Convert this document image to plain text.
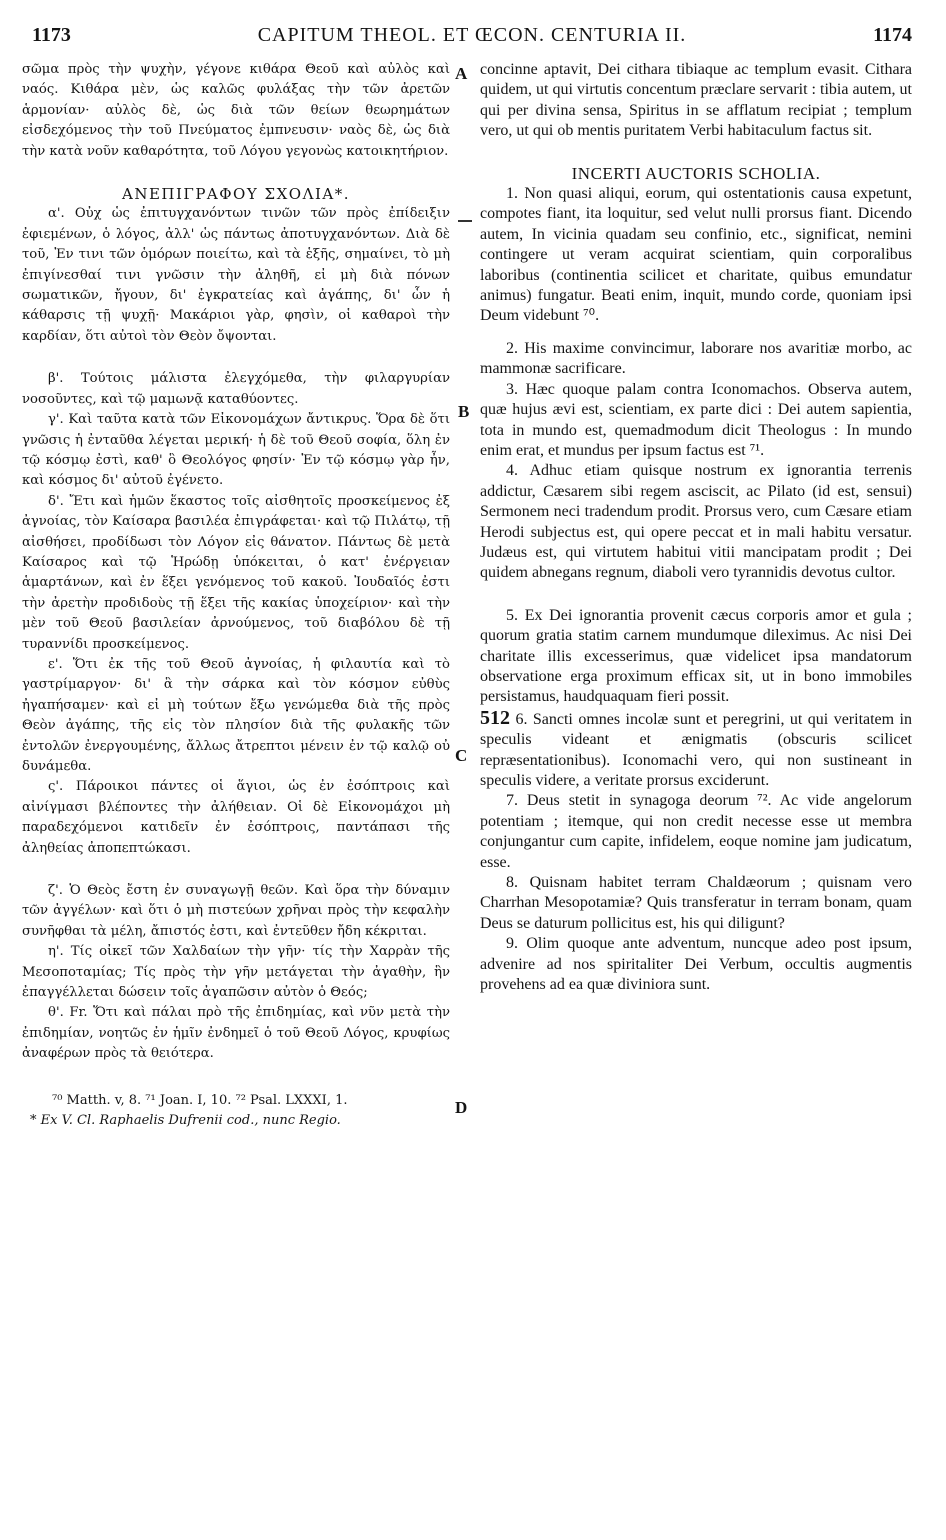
1173	CAPITUM THEOL. ET ŒCON. CENTURIA II.	1174
A
B
C
D

σῶμα πρὸς τὴν ψυχὴν, γέγονε κιθάρα Θεοῦ καὶ αὐλὸς καὶ ναός. Κιθάρα μὲν, ὡς καλῶς φυλάξας τὴν τῶν ἀρετῶν ἁρμονίαν· αὐλὸς δὲ, ὡς διὰ τῶν θείων θεωρημάτων εἰσδεχόμενος τὴν τοῦ Πνεύματος ἐμπνευσιν· ναὸς δὲ, ὡς διὰ τὴν κατὰ νοῦν καθαρότητα, τοῦ Λόγου γεγονὼς κατοικητήριον.

ΑΝΕΠΙΓΡΑΦΟΥ ΣΧΟΛΙΑ*.

α'. Οὐχ ὡς ἐπιτυγχανόντων τινῶν τῶν πρὸς ἐπίδειξιν ἐφιεμένων, ὁ λόγος, ἀλλ' ὡς πάντως ἀποτυγχανόντων. Διὰ δὲ τοῦ, Ἐν τινι τῶν ὁμόρων ποιείτω, καὶ τὰ ἑξῆς, σημαίνει, τὸ μὴ ἐπιγίνεσθαί τινι γνῶσιν τὴν ἀληθῆ, εἰ μὴ διὰ πόνων σωματικῶν, ἤγουν, δι' ἐγκρατείας καὶ ἀγάπης, δι' ὧν ἡ κάθαρσις τῇ ψυχῇ· Μακάριοι γὰρ, φησὶν, οἱ καθαροὶ τὴν καρδίαν, ὅτι αὐτοὶ τὸν Θεὸν ὄψονται.

β'. Τούτοις μάλιστα ἐλεγχόμεθα, τὴν φιλαργυρίαν νοσοῦντες, καὶ τῷ μαμωνᾷ καταθύοντες.

γ'. Καὶ ταῦτα κατὰ τῶν Εἰκονομάχων ἄντικρυς. Ὅρα δὲ ὅτι γνῶσις ἡ ἐνταῦθα λέγεται μερική· ἡ δὲ τοῦ Θεοῦ σοφία, ὅλη ἐν τῷ κόσμῳ ἐστὶ, καθ' ὃ Θεολόγος φησίν· Ἐν τῷ κόσμῳ γὰρ ἦν, καὶ κόσμος δι' αὐτοῦ ἐγένετο.

δ'. Ἔτι καὶ ἡμῶν ἕκαστος τοῖς αἰσθητοῖς προσκείμενος ἐξ ἀγνοίας, τὸν Καίσαρα βασιλέα ἐπιγράφεται· καὶ τῷ Πιλάτῳ, τῇ αἰσθήσει, προδίδωσι τὸν Λόγον εἰς θάνατον. Πάντως δὲ μετὰ Καίσαρος καὶ τῷ Ἡρώδῃ ὑπόκειται, ὁ κατ' ἐνέργειαν ἁμαρτάνων, καὶ ἐν ἕξει γενόμενος τοῦ κακοῦ. Ἰουδαῖός ἐστι τὴν ἀρετὴν προδιδοὺς τῇ ἕξει τῆς κακίας ὑποχείριον· καὶ τὴν μὲν τοῦ Θεοῦ βασιλείαν ἀρνούμενος, τοῦ διαβόλου δὲ τῇ τυραννίδι προσκείμενος.

ε'. Ὅτι ἐκ τῆς τοῦ Θεοῦ ἀγνοίας, ἡ φιλαυτία καὶ τὸ γαστρίμαργον· δι' ἃ τὴν σάρκα καὶ τὸν κόσμον εὐθὺς ἠγαπήσαμεν· καὶ εἰ μὴ τούτων ἔξω γενώμεθα διὰ τῆς πρὸς Θεὸν ἀγάπης, τῆς εἰς τὸν πλησίον διὰ τῆς φυλακῆς τῶν ἐντολῶν ἐνεργουμένης, ἄλλως ἄτρεπτοι μένειν ἐν τῷ καλῷ οὐ δυνάμεθα.

ς'. Πάροικοι πάντες οἱ ἅγιοι, ὡς ἐν ἐσόπτροις καὶ αἰνίγμασι βλέποντες τὴν ἀλήθειαν. Οἱ δὲ Εἰκονομάχοι μὴ παραδεχόμενοι κατιδεῖν ἐν ἐσόπτροις, παντάπασι τῆς ἀληθείας ἀποπεπτώκασι.

ζ'. Ὁ Θεὸς ἔστη ἐν συναγωγῇ θεῶν. Καὶ ὅρα τὴν δύναμιν τῶν ἀγγέλων· καὶ ὅτι ὁ μὴ πιστεύων χρῆναι πρὸς τὴν κεφαλὴν συνῆφθαι τὰ μέλη, ἄπιστός ἐστι, καὶ ἐντεῦθεν ἤδη κέκριται.

η'. Τίς οἰκεῖ τῶν Χαλδαίων τὴν γῆν· τίς τὴν Χαρρὰν τῆς Μεσοποταμίας; Τίς πρὸς τὴν γῆν μετάγεται τὴν ἀγαθὴν, ἣν ἐπαγγέλλεται δώσειν τοῖς ἀγαπῶσιν αὐτὸν ὁ Θεός;

θ'. Fr. Ὅτι καὶ πάλαι πρὸ τῆς ἐπιδημίας, καὶ νῦν μετὰ τὴν ἐπιδημίαν, νοητῶς ἐν ἡμῖν ἐνδημεῖ ὁ τοῦ Θεοῦ Λόγος, κρυφίως ἀναφέρων πρὸς τὰ θειότερα.

⁷⁰ Matth. v, 8. ⁷¹ Joan. I, 10. ⁷² Psal. LXXXI, 1.

* Ex V. Cl. Raphaelis Dufrenii cod., nunc Regio.

concinne aptavit, Dei cithara tibiaque ac templum evasit. Cithara quidem, ut qui virtutis concentum præclare servarit : tibia autem, ut qui per divina sensa, Spiritus in se afflatum recipiat ; templum vero, ut qui ob mentis puritatem Verbi habitaculum factus sit.

INCERTI AUCTORIS SCHOLIA.

1. Non quasi aliqui, eorum, qui ostentationis causa expetunt, compotes fiant, ita loquitur, sed velut nulli prorsus fiant. Dicendo autem, In vicinia quadam seu confinio, etc., significat, nemini contingere ut veram acquirat scientiam, quin corporalibus laboribus (continentia scilicet et charitate, quibus emundatur animus) fungatur. Beati enim, inquit, mundo corde, quoniam ipsi Deum videbunt ⁷⁰.

2. His maxime convincimur, laborare nos avaritiæ morbo, ac mammonæ sacrificare.

3. Hæc quoque palam contra Iconomachos. Observa autem, quæ hujus ævi est, scientiam, ex parte dici : Dei autem sapientia, tota in mundo est, quemadmodum dicit Theologus : In mundo enim erat, et mundus per ipsum factus est ⁷¹.

4. Adhuc etiam quisque nostrum ex ignorantia terrenis addictur, Cæsarem sibi regem asciscit, ac Pilato (id est, sensui) Sermonem neci tradendum prodit. Prorsus vero, cum Cæsare etiam Herodi subjectus est, qui opere peccat et in mali habitu versatur. Judæus est, qui virtutem habitui vitii mancipatam prodit ; Dei quidem abnegans regnum, diaboli vero tyrannidis devotus cultor.

5. Ex Dei ignorantia provenit cæcus corporis amor et gula ; quorum gratia statim carnem mundumque dileximus. Ac nisi Dei charitate illis excesserimus, quæ videlicet ipsa mandatorum observatione erga proximum efficax sit, ut in bono immobiles persistamus, haudquaquam fieri possit.

512 6. Sancti omnes incolæ sunt et peregrini, ut qui veritatem in speculis videant et ænigmatis (obscuris scilicet repræsentationibus). Iconomachi vero, qui non sustineant in speculis videre, a veritate prorsus exciderunt.

7. Deus stetit in synagoga deorum ⁷². Ac vide angelorum potentiam ; itemque, qui non credit necesse esse ut membra conjungantur cum capite, infidelem, eoque nomine jam judicatum, esse.

8. Quisnam habitet terram Chaldæorum ; quisnam vero Charrhan Mesopotamiæ? Quis transferatur in terram bonam, quam Deus se daturum pollicitus est, his qui diligunt?

9. Olim quoque ante adventum, nuncque adeo post ipsum, advenire ad nos spiritaliter Dei Verbum, occultis augmentis provehens ad ea quæ diviniora sunt.
